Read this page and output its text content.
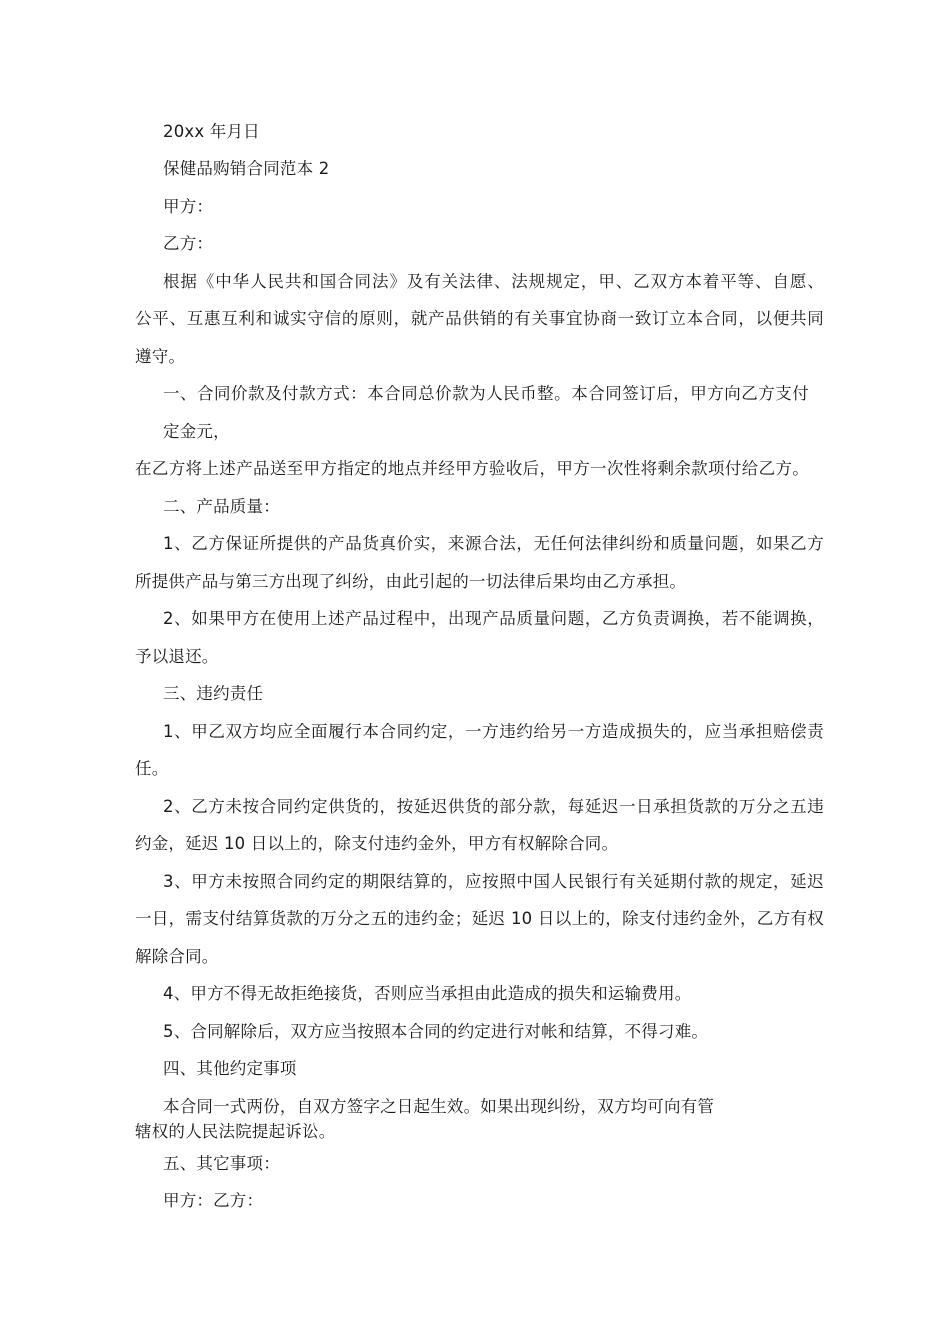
20xx 年月日

保健品购销合同范本 2

甲方：

乙方：

根据《中华人民共和国合同法》及有关法律、法规规定，甲、乙双方本着平等、自愿、

公平、互惠互利和诚实守信的原则，就产品供销的有关事宜协商一致订立本合同，以便共同

遵守。

一、合同价款及付款方式：本合同总价款为人民币整。本合同签订后，甲方向乙方支付

定金元，

在乙方将上述产品送至甲方指定的地点并经甲方验收后，甲方一次性将剩余款项付给乙方。

二、产品质量：

1、乙方保证所提供的产品货真价实，来源合法，无任何法律纠纷和质量问题，如果乙方

所提供产品与第三方出现了纠纷，由此引起的一切法律后果均由乙方承担。

2、如果甲方在使用上述产品过程中，出现产品质量问题，乙方负责调换，若不能调换，

予以退还。

三、违约责任

1、甲乙双方均应全面履行本合同约定，一方违约给另一方造成损失的，应当承担赔偿责

任。

2、乙方未按合同约定供货的，按延迟供货的部分款，每延迟一日承担货款的万分之五违

约金，延迟 10 日以上的，除支付违约金外，甲方有权解除合同。

3、甲方未按照合同约定的期限结算的，应按照中国人民银行有关延期付款的规定，延迟

一日，需支付结算货款的万分之五的违约金；延迟 10 日以上的，除支付违约金外，乙方有权

解除合同。

4、甲方不得无故拒绝接货，否则应当承担由此造成的损失和运输费用。

5、合同解除后，双方应当按照本合同的约定进行对帐和结算，不得刁难。

四、其他约定事项

本合同一式两份，自双方签字之日起生效。如果出现纠纷，双方均可向有管

辖权的人民法院提起诉讼。

五、其它事项：

甲方：乙方：
